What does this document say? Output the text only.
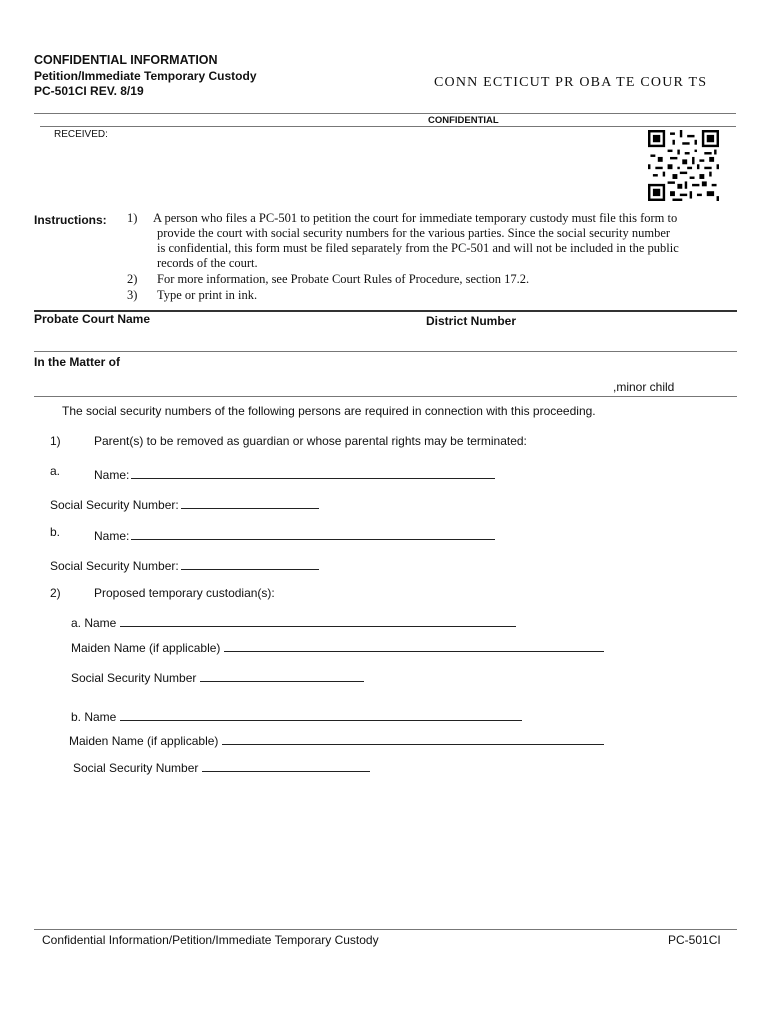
CONFIDENTIAL INFORMATION
Petition/Immediate Temporary Custody
PC-501CI REV. 8/19
CONN ECTICUT PR OBA TE COUR TS
CONFIDENTIAL
RECEIVED:
Instructions: 1) A person who files a PC-501 to petition the court for immediate temporary custody must file this form to
provide the court with social security numbers for the various parties. Since the social security number
is confidential, this form must be filed separately from the PC-501 and will not be included in the public
records of the court.
2) For more information, see Probate Court Rules of Procedure, section 17.2.
3) Type or print in ink.
Probate Court Name	District Number
In the Matter of
,minor child
The social security numbers of the following persons are required in connection with this proceeding.
1)	Parent(s) to be removed as guardian or whose parental rights may be terminated:
a.	Name:
Social Security Number:
b.	Name:
Social Security Number:
2)	Proposed temporary custodian(s):
a. Name
Maiden Name (if applicable)
Social Security Number
b. Name
Maiden Name (if applicable)
Social Security Number
Confidential Information/Petition/Immediate Temporary Custody	PC-501CI
